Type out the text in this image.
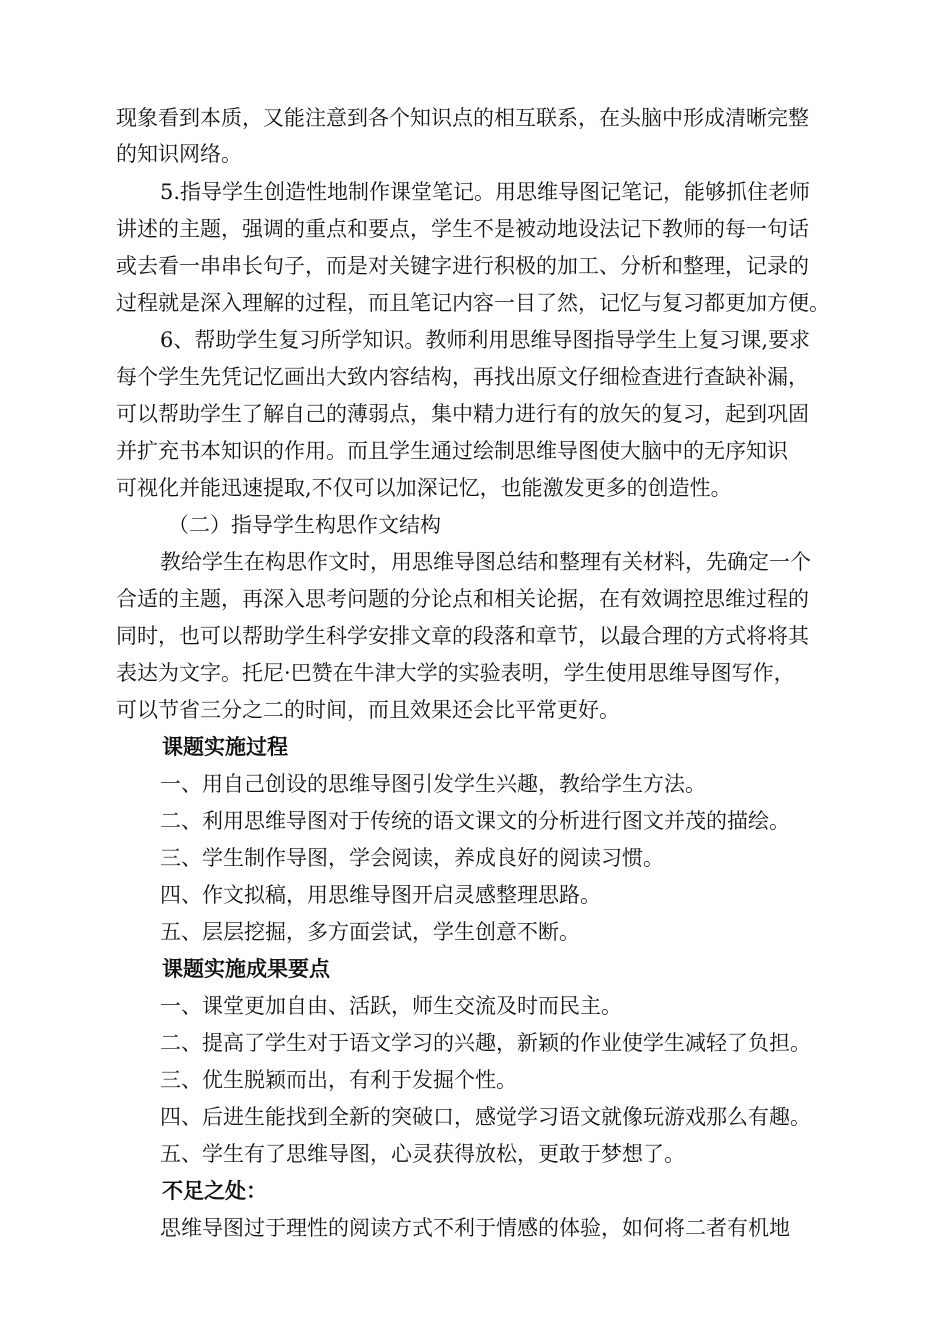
现象看到本质，又能注意到各个知识点的相互联系，在头脑中形成清晰完整
的知识网络。
5.指导学生创造性地制作课堂笔记。用思维导图记笔记，能够抓住老师
讲述的主题，强调的重点和要点，学生不是被动地设法记下教师的每一句话
或去看一串串长句子，而是对关键字进行积极的加工、分析和整理，记录的
过程就是深入理解的过程，而且笔记内容一目了然，记忆与复习都更加方便。
6、帮助学生复习所学知识。教师利用思维导图指导学生上复习课,要求
每个学生先凭记忆画出大致内容结构，再找出原文仔细检查进行查缺补漏，
可以帮助学生了解自己的薄弱点，集中精力进行有的放矢的复习，起到巩固
并扩充书本知识的作用。而且学生通过绘制思维导图使大脑中的无序知识
可视化并能迅速提取,不仅可以加深记忆，也能激发更多的创造性。
（二）指导学生构思作文结构
教给学生在构思作文时，用思维导图总结和整理有关材料，先确定一个
合适的主题，再深入思考问题的分论点和相关论据，在有效调控思维过程的
同时，也可以帮助学生科学安排文章的段落和章节，以最合理的方式将将其
表达为文字。托尼·巴赞在牛津大学的实验表明，学生使用思维导图写作，
可以节省三分之二的时间，而且效果还会比平常更好。
课题实施过程
一、用自己创设的思维导图引发学生兴趣，教给学生方法。
二、利用思维导图对于传统的语文课文的分析进行图文并茂的描绘。
三、学生制作导图，学会阅读，养成良好的阅读习惯。
四、作文拟稿，用思维导图开启灵感整理思路。
五、层层挖掘，多方面尝试，学生创意不断。
课题实施成果要点
一、课堂更加自由、活跃，师生交流及时而民主。
二、提高了学生对于语文学习的兴趣，新颖的作业使学生减轻了负担。
三、优生脱颖而出，有利于发掘个性。
四、后进生能找到全新的突破口，感觉学习语文就像玩游戏那么有趣。
五、学生有了思维导图，心灵获得放松，更敢于梦想了。
不足之处：
思维导图过于理性的阅读方式不利于情感的体验，如何将二者有机地
